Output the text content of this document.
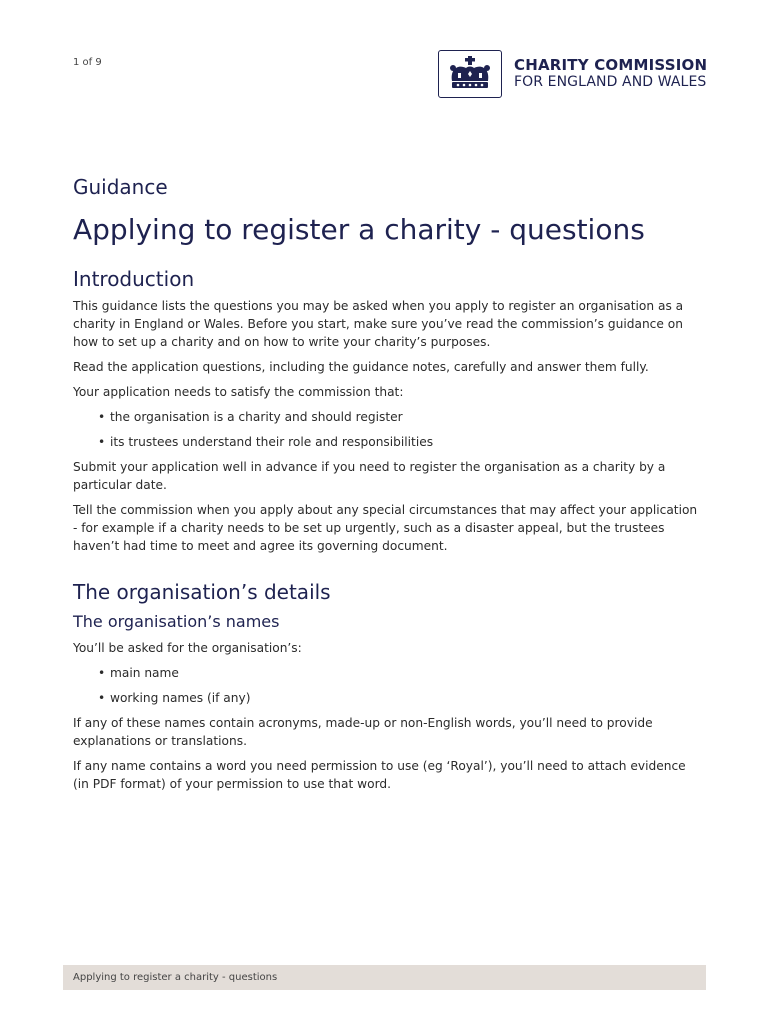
1 of 9	CHARITY COMMISSION
FOR ENGLAND AND WALES
Guidance
Applying to register a charity - questions
Introduction

This guidance lists the questions you may be asked when you apply to register an organisation as a charity in England or Wales. Before you start, make sure you’ve read the commission’s guidance on how to set up a charity and on how to write your charity’s purposes.

Read the application questions, including the guidance notes, carefully and answer them fully.

Your application needs to satisfy the commission that:

• the organisation is a charity and should register
• its trustees understand their role and responsibilities

Submit your application well in advance if you need to register the organisation as a charity by a particular date.

Tell the commission when you apply about any special circumstances that may affect your application - for example if a charity needs to be set up urgently, such as a disaster appeal, but the trustees haven’t had time to meet and agree its governing document.

The organisation’s details
The organisation’s names

You’ll be asked for the organisation’s:

• main name
• working names (if any)

If any of these names contain acronyms, made-up or non-English words, you’ll need to provide explanations or translations.

If any name contains a word you need permission to use (eg ‘Royal’), you’ll need to attach evidence (in PDF format) of your permission to use that word.

Applying to register a charity - questions
